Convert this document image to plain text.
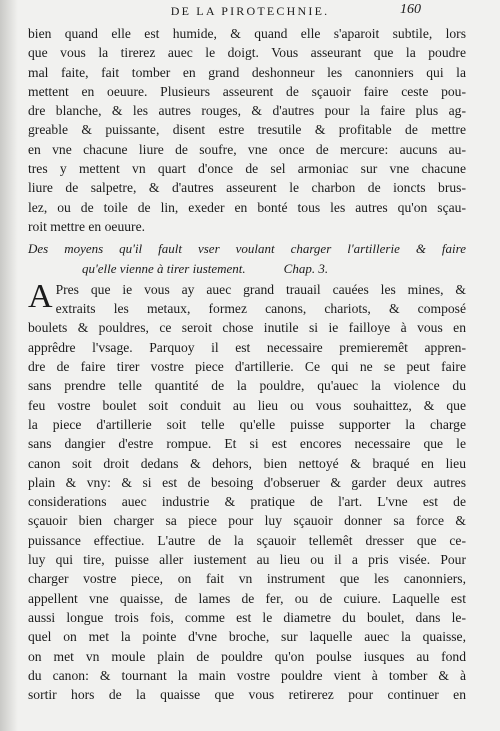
DE LA PIROTECHNIE.	160
bien quand elle est humide, & quand elle s'aparoit subtile, lors
que vous la tirerez auec le doigt. Vous asseurant que la poudre
mal faite, fait tomber en grand deshonneur les canonniers qui la
mettent en oeuure. Plusieurs asseurent de sçauoir faire ceste pou-
dre blanche, & les autres rouges, & d'autres pour la faire plus ag-
greable & puissante, disent estre tresutile & profitable de mettre
en vne chacune liure de soufre, vne once de mercure: aucuns au-
tres y mettent vn quart d'once de sel armoniac sur vne chacune
liure de salpetre, & d'autres asseurent le charbon de ioncts brus-
lez, ou de toile de lin, exeder en bonté tous les autres qu'on sçau-
roit mettre en oeuure.
Des moyens qu'il fault vser voulant charger l'artillerie & faire
qu'elle vienne à tirer iustement.	Chap. 3.
A Pres que ie vous ay auec grand trauail cauées les mines, &
extraits les metaux, formez canons, chariots, & composé
boulets & pouldres, ce seroit chose inutile si ie failloye à vous en
apprêdre l'vsage. Parquoy il est necessaire premieremêt appren-
dre de faire tirer vostre piece d'artillerie. Ce qui ne se peut faire
sans prendre telle quantité de la pouldre, qu'auec la violence du
feu vostre boulet soit conduit au lieu ou vous souhaittez, & que
la piece d'artillerie soit telle qu'elle puisse supporter la charge
sans dangier d'estre rompue. Et si est encores necessaire que le
canon soit droit dedans & dehors, bien nettoyé & braqué en lieu
plain & vny: & si est de besoing d'obseruer & garder deux autres
considerations auec industrie & pratique de l'art. L'vne est de
sçauoir bien charger sa piece pour luy sçauoir donner sa force &
puissance effectiue. L'autre de la sçauoir tellemêt dresser que ce-
luy qui tire, puisse aller iustement au lieu ou il a pris visée. Pour
charger vostre piece, on fait vn instrument que les canonniers,
appellent vne quaisse, de lames de fer, ou de cuiure. Laquelle est
aussi longue trois fois, comme est le diametre du boulet, dans le-
quel on met la pointe d'vne broche, sur laquelle auec la quaisse,
on met vn moule plain de pouldre qu'on poulse iusques au fond
du canon: & tournant la main vostre pouldre vient à tomber & à
sortir hors de la quaisse que vous retirerez pour continuer en
